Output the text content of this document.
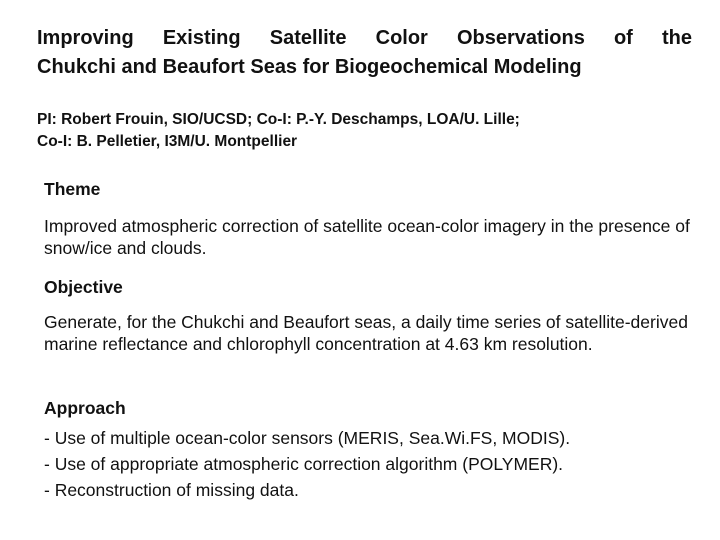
Improving Existing Satellite Color Observations of the
Chukchi and Beaufort Seas for Biogeochemical Modeling
PI: Robert Frouin, SIO/UCSD; Co-I: P.-Y. Deschamps, LOA/U. Lille;
Co-I: B. Pelletier, I3M/U. Montpellier
Theme
Improved atmospheric correction of satellite ocean-color imagery in the presence of snow/ice and clouds.
Objective
Generate, for the Chukchi and Beaufort seas, a daily time series of satellite-derived marine reflectance and chlorophyll concentration at 4.63 km resolution.
Approach
- Use of multiple ocean-color sensors (MERIS, Sea.Wi.FS, MODIS).
- Use of appropriate atmospheric correction algorithm (POLYMER).
- Reconstruction of missing data.
